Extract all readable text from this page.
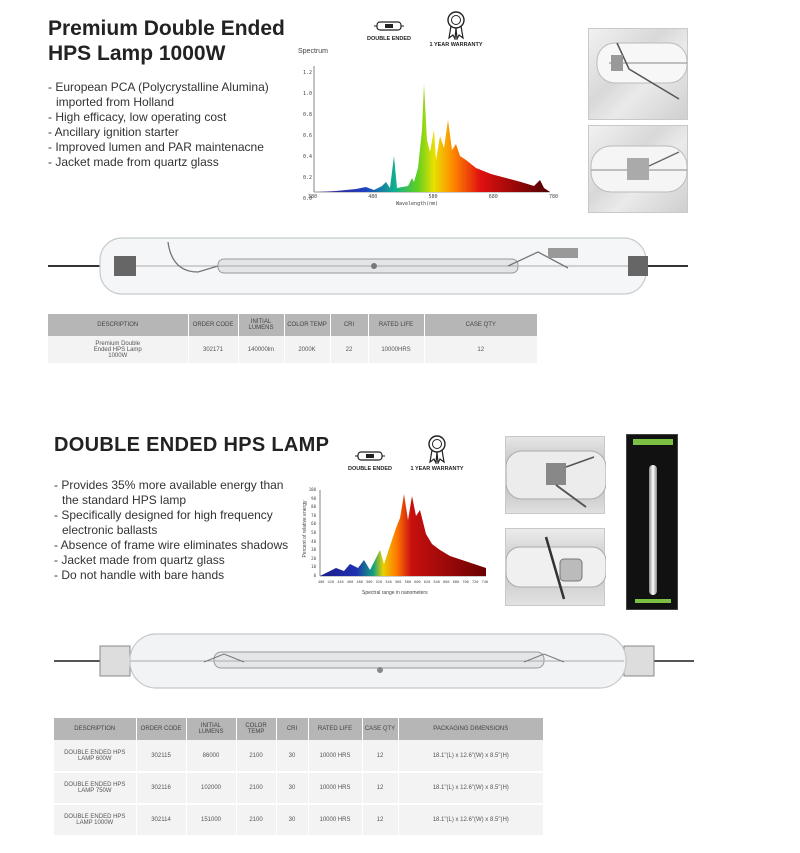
Premium Double Ended
HPS Lamp 1000W
- European PCA (Polycrystalline Alumina)
imported from Holland
- High efficacy, low operating cost
- Ancillary ignition starter
- Improved lumen and PAR maintenacne
- Jacket made from quartz glass
DOUBLE ENDED
1 YEAR WARRANTY
Spectrum
1.2
1.0
0.8
0.6
0.4
0.2
0.0
380	480	580	680	780
Wavelength(nm)
DESCRIPTION	ORDER CODE	INITIAL LUMENS	COLOR TEMP	CRI	RATED LIFE	CASE QTY
Premium Double Ended HPS Lamp 1000W	302171	140000lm	2000K	22	10000HRS	12
DOUBLE ENDED HPS LAMP
- Provides 35% more available energy than
the standard HPS lamp
- Specifically designed for high frequency
electronic ballasts
- Absence of frame wire eliminates shadows
- Jacket made from quartz glass
- Do not handle with bare hands
DOUBLE ENDED	1 YEAR WARRANTY
Percent of relative energy
100
90
80
70
60
50
40
30
20
10
0
400 420 440 460 480 500 520 540 560 580 600 620 640 660 680 700 720 740
Spectral range in nanometers
DESCRIPTION	ORDER CODE	INITIAL LUMENS	COLOR TEMP	CRI	RATED LIFE	CASE QTY	PACKAGING DIMENSIONS
DOUBLE ENDED HPS LAMP 600W	302115	86000	2100	30	10000 HRS	12	18.1"(L) x 12.6"(W) x 8.5"(H)
DOUBLE ENDED HPS LAMP 750W	302116	102000	2100	30	10000 HRS	12	18.1"(L) x 12.6"(W) x 8.5"(H)
DOUBLE ENDED HPS LAMP 1000W	302114	151000	2100	30	10000 HRS	12	18.1"(L) x 12.6"(W) x 8.5"(H)
